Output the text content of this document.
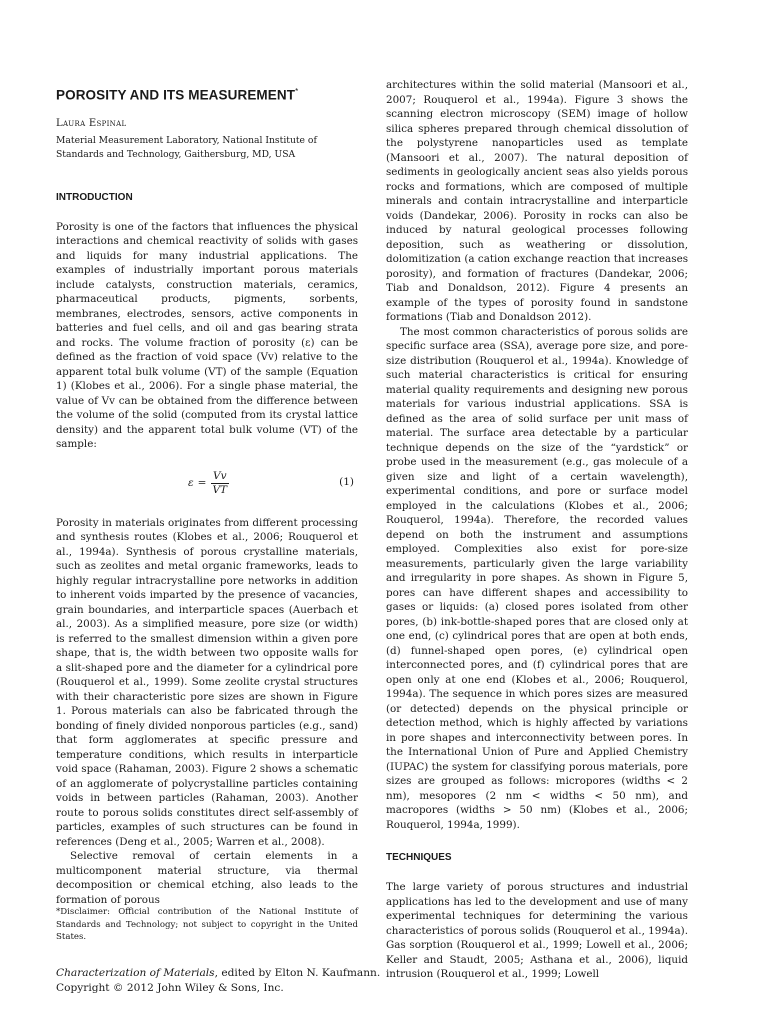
POROSITY AND ITS MEASUREMENT*
Laura Espinal
Material Measurement Laboratory, National Institute of Standards and Technology, Gaithersburg, MD, USA
INTRODUCTION

Porosity is one of the factors that influences the physical interactions and chemical reactivity of solids with gases and liquids for many industrial applications. The examples of industrially important porous materials include catalysts, construction materials, ceramics, pharmaceutical products, pigments, sorbents, membranes, electrodes, sensors, active components in batteries and fuel cells, and oil and gas bearing strata and rocks. The volume fraction of porosity (ε) can be defined as the fraction of void space (Vv) relative to the apparent total bulk volume (VT) of the sample (Equation 1) (Klobes et al., 2006). For a single phase material, the value of Vv can be obtained from the difference between the volume of the solid (computed from its crystal lattice density) and the apparent total bulk volume (VT) of the sample:

$\varepsilon = \frac{Vv}{VT}$	(1)

Porosity in materials originates from different processing and synthesis routes (Klobes et al., 2006; Rouquerol et al., 1994a). Synthesis of porous crystalline materials, such as zeolites and metal organic frameworks, leads to highly regular intracrystalline pore networks in addition to inherent voids imparted by the presence of vacancies, grain boundaries, and interparticle spaces (Auerbach et al., 2003). As a simplified measure, pore size (or width) is referred to the smallest dimension within a given pore shape, that is, the width between two opposite walls for a slit-shaped pore and the diameter for a cylindrical pore (Rouquerol et al., 1999). Some zeolite crystal structures with their characteristic pore sizes are shown in Figure 1. Porous materials can also be fabricated through the bonding of finely divided nonporous particles (e.g., sand) that form agglomerates at specific pressure and temperature conditions, which results in interparticle void space (Rahaman, 2003). Figure 2 shows a schematic of an agglomerate of polycrystalline particles containing voids in between particles (Rahaman, 2003). Another route to porous solids constitutes direct self-assembly of particles, examples of such structures can be found in references (Deng et al., 2005; Warren et al., 2008).

Selective removal of certain elements in a multicomponent material structure, via thermal decomposition or chemical etching, also leads to the formation of porous

architectures within the solid material (Mansoori et al., 2007; Rouquerol et al., 1994a). Figure 3 shows the scanning electron microscopy (SEM) image of hollow silica spheres prepared through chemical dissolution of the polystyrene nanoparticles used as template (Mansoori et al., 2007). The natural deposition of sediments in geologically ancient seas also yields porous rocks and formations, which are composed of multiple minerals and contain intracrystalline and interparticle voids (Dandekar, 2006). Porosity in rocks can also be induced by natural geological processes following deposition, such as weathering or dissolution, dolomitization (a cation exchange reaction that increases porosity), and formation of fractures (Dandekar, 2006; Tiab and Donaldson, 2012). Figure 4 presents an example of the types of porosity found in sandstone formations (Tiab and Donaldson 2012).

The most common characteristics of porous solids are specific surface area (SSA), average pore size, and pore-size distribution (Rouquerol et al., 1994a). Knowledge of such material characteristics is critical for ensuring material quality requirements and designing new porous materials for various industrial applications. SSA is defined as the area of solid surface per unit mass of material. The surface area detectable by a particular technique depends on the size of the “yardstick” or probe used in the measurement (e.g., gas molecule of a given size and light of a certain wavelength), experimental conditions, and pore or surface model employed in the calculations (Klobes et al., 2006; Rouquerol, 1994a). Therefore, the recorded values depend on both the instrument and assumptions employed. Complexities also exist for pore-size measurements, particularly given the large variability and irregularity in pore shapes. As shown in Figure 5, pores can have different shapes and accessibility to gases or liquids: (a) closed pores isolated from other pores, (b) ink-bottle-shaped pores that are closed only at one end, (c) cylindrical pores that are open at both ends, (d) funnel-shaped open pores, (e) cylindrical open interconnected pores, and (f) cylindrical pores that are open only at one end (Klobes et al., 2006; Rouquerol, 1994a). The sequence in which pores sizes are measured (or detected) depends on the physical principle or detection method, which is highly affected by variations in pore shapes and interconnectivity between pores. In the International Union of Pure and Applied Chemistry (IUPAC) the system for classifying porous materials, pore sizes are grouped as follows: micropores (widths < 2 nm), mesopores (2 nm < widths < 50 nm), and macropores (widths > 50 nm) (Klobes et al., 2006; Rouquerol, 1994a, 1999).

TECHNIQUES

The large variety of porous structures and industrial applications has led to the development and use of many experimental techniques for determining the various characteristics of porous solids (Rouquerol et al., 1994a). Gas sorption (Rouquerol et al., 1999; Lowell et al., 2006; Keller and Staudt, 2005; Asthana et al., 2006), liquid intrusion (Rouquerol et al., 1999; Lowell

*Disclaimer: Official contribution of the National Institute of Standards and Technology; not subject to copyright in the United States.
Characterization of Materials, edited by Elton N. Kaufmann.
Copyright © 2012 John Wiley & Sons, Inc.
